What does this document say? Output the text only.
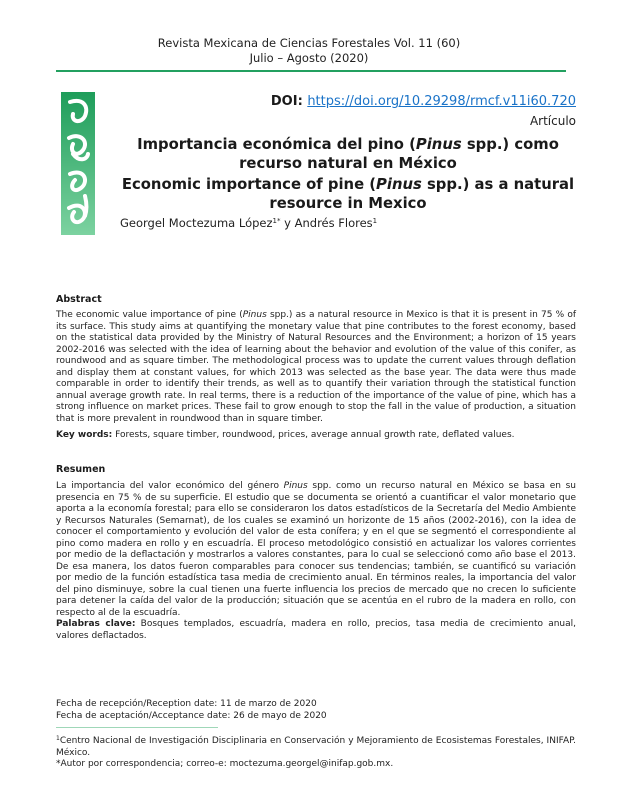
Revista Mexicana de Ciencias Forestales Vol. 11 (60)
Julio – Agosto (2020)
DOI: https://doi.org/10.29298/rmcf.v11i60.720
Artículo
Importancia económica del pino (Pinus spp.) como recurso natural en México
Economic importance of pine (Pinus spp.) as a natural resource in Mexico
Georgel Moctezuma López$^{1*}$ y Andrés Flores$^1$
Abstract

The economic value importance of pine (Pinus spp.) as a natural resource in Mexico is that it is present in 75 % of its surface. This study aims at quantifying the monetary value that pine contributes to the forest economy, based on the statistical data provided by the Ministry of Natural Resources and the Environment; a horizon of 15 years 2002-2016 was selected with the idea of learning about the behavior and evolution of the value of this conifer, as roundwood and as square timber. The methodological process was to update the current values through deflation and display them at constant values, for which 2013 was selected as the base year. The data were thus made comparable in order to identify their trends, as well as to quantify their variation through the statistical function annual average growth rate. In real terms, there is a reduction of the importance of the value of pine, which has a strong influence on market prices. These fail to grow enough to stop the fall in the value of production, a situation that is more prevalent in roundwood than in square timber.

Key words: Forests, square timber, roundwood, prices, average annual growth rate, deflated values.

Resumen

La importancia del valor económico del género Pinus spp. como un recurso natural en México se basa en su presencia en 75 % de su superficie. El estudio que se documenta se orientó a cuantificar el valor monetario que aporta a la economía forestal; para ello se consideraron los datos estadísticos de la Secretaría del Medio Ambiente y Recursos Naturales (Semarnat), de los cuales se examinó un horizonte de 15 años (2002-2016), con la idea de conocer el comportamiento y evolución del valor de esta conífera; y en el que se segmentó el correspondiente al pino como madera en rollo y en escuadría. El proceso metodológico consistió en actualizar los valores corrientes por medio de la deflactación y mostrarlos a valores constantes, para lo cual se seleccionó como año base el 2013. De esa manera, los datos fueron comparables para conocer sus tendencias; también, se cuantificó su variación por medio de la función estadística tasa media de crecimiento anual. En términos reales, la importancia del valor del pino disminuye, sobre la cual tienen una fuerte influencia los precios de mercado que no crecen lo suficiente para detener la caída del valor de la producción; situación que se acentúa en el rubro de la madera en rollo, con respecto al de la escuadría.

Palabras clave: Bosques templados, escuadría, madera en rollo, precios, tasa media de crecimiento anual, valores deflactados.

Fecha de recepción/Reception date: 11 de marzo de 2020
Fecha de aceptación/Acceptance date: 26 de mayo de 2020

$^1$Centro Nacional de Investigación Disciplinaria en Conservación y Mejoramiento de Ecosistemas Forestales, INIFAP. México.

*Autor por correspondencia; correo-e: moctezuma.georgel@inifap.gob.mx.
